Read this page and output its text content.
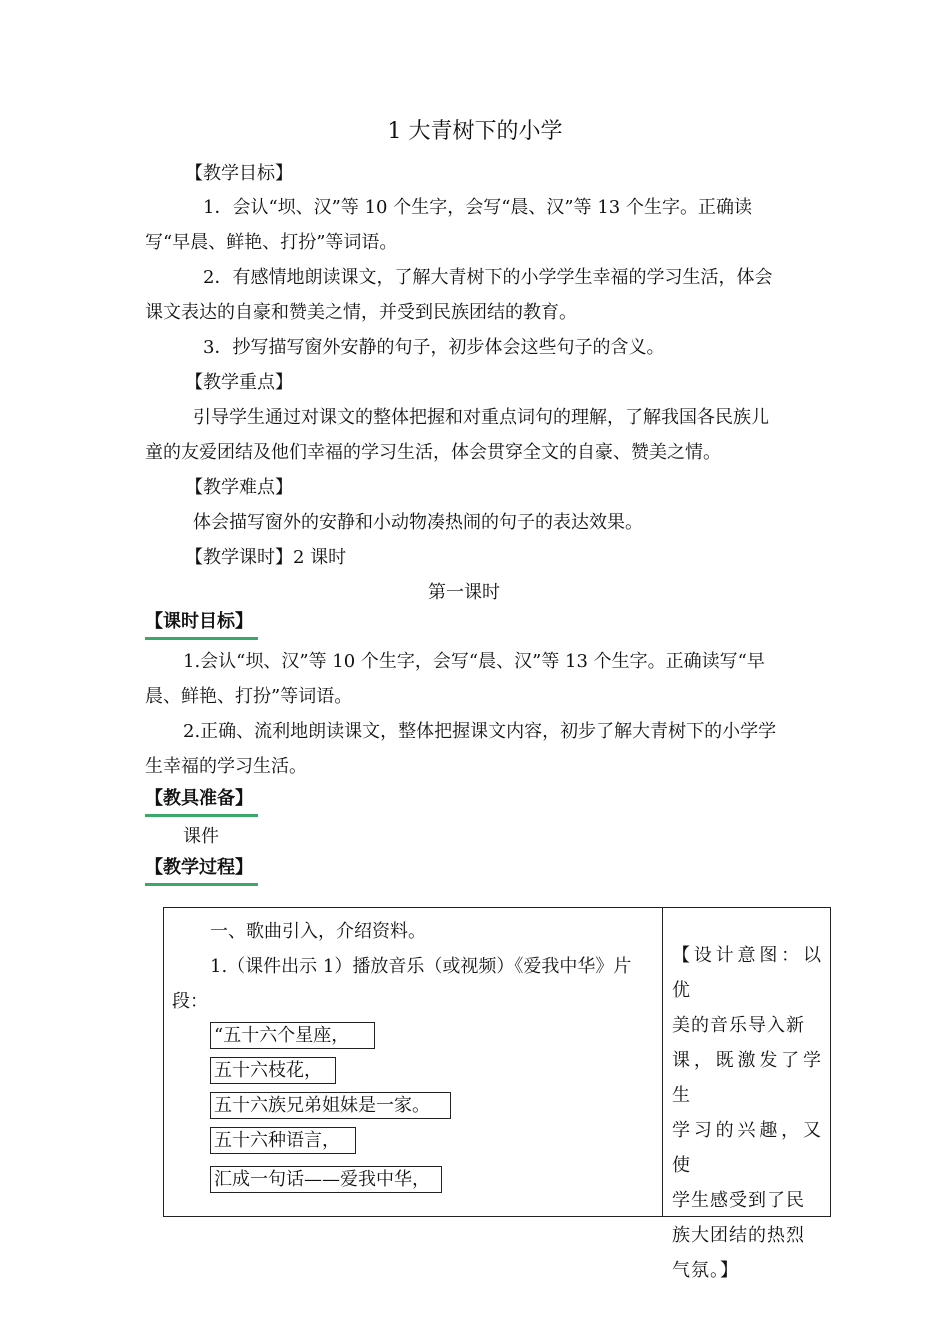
1 大青树下的小学
【教学目标】
1．会认“坝、汉”等 10 个生字，会写“晨、汉”等 13 个生字。正确读
写“早晨、鲜艳、打扮”等词语。
2．有感情地朗读课文，了解大青树下的小学学生幸福的学习生活，体会
课文表达的自豪和赞美之情，并受到民族团结的教育。
3．抄写描写窗外安静的句子，初步体会这些句子的含义。
【教学重点】
引导学生通过对课文的整体把握和对重点词句的理解，了解我国各民族儿
童的友爱团结及他们幸福的学习生活，体会贯穿全文的自豪、赞美之情。
【教学难点】
体会描写窗外的安静和小动物凑热闹的句子的表达效果。
【教学课时】2 课时
第一课时
【课时目标】
1.会认“坝、汉”等 10 个生字，会写“晨、汉”等 13 个生字。正确读写“早
晨、鲜艳、打扮”等词语。
2.正确、流利地朗读课文，整体把握课文内容，初步了解大青树下的小学学
生幸福的学习生活。
【教具准备】
课件
【教学过程】
一、歌曲引入，介绍资料。
1.（课件出示 1）播放音乐（或视频）《爱我中华》片
段：
“五十六个星座，
五十六枝花，
五十六族兄弟姐妹是一家。
五十六种语言，
汇成一句话——爱我中华，

【设计意图：以优
美的音乐导入新
课，既激发了学生
学习的兴趣，又使
学生感受到了民
族大团结的热烈
气氛。】
